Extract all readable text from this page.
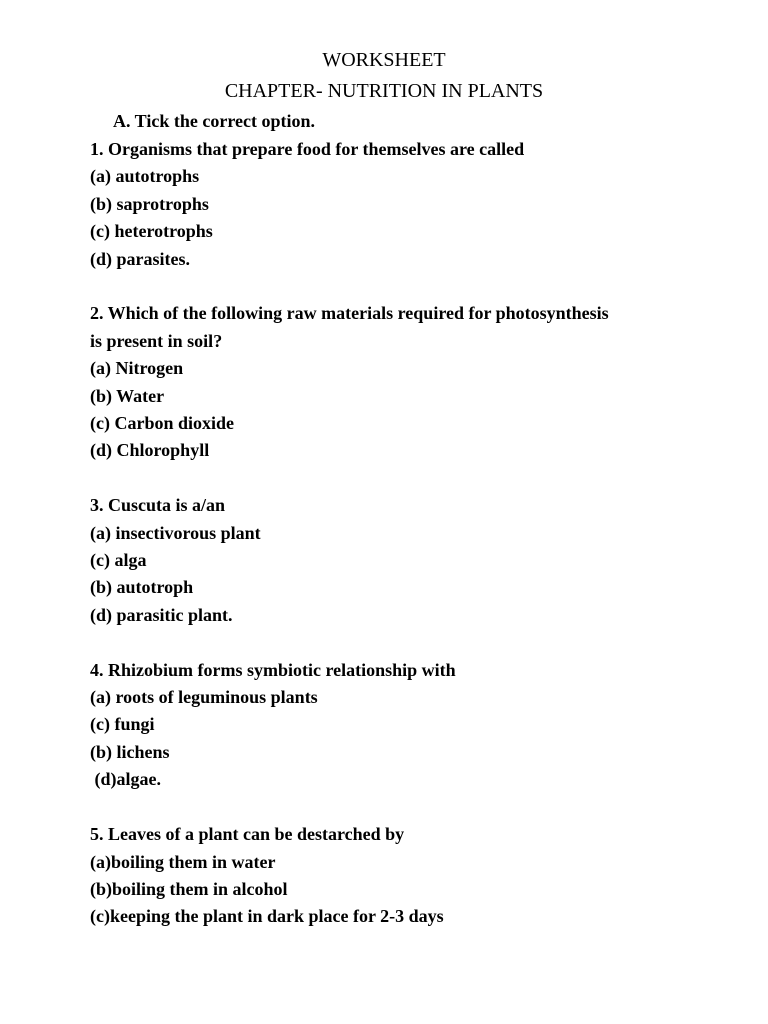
WORKSHEET
CHAPTER- NUTRITION IN PLANTS

A. Tick the correct option.

1. Organisms that prepare food for themselves are called
(a) autotrophs
(b) saprotrophs
(c) heterotrophs
(d) parasites.
2. Which of the following raw materials required for photosynthesis
is present in soil?
(a) Nitrogen
(b) Water
(c) Carbon dioxide
(d) Chlorophyll
3. Cuscuta is a/an
(a) insectivorous plant
(c) alga
(b) autotroph
(d) parasitic plant.
4. Rhizobium forms symbiotic relationship with
(a) roots of leguminous plants
(c) fungi
(b) lichens
(d)algae.
5. Leaves of a plant can be destarched by
(a)boiling them in water
(b)boiling them in alcohol
(c)keeping the plant in dark place for 2-3 days
